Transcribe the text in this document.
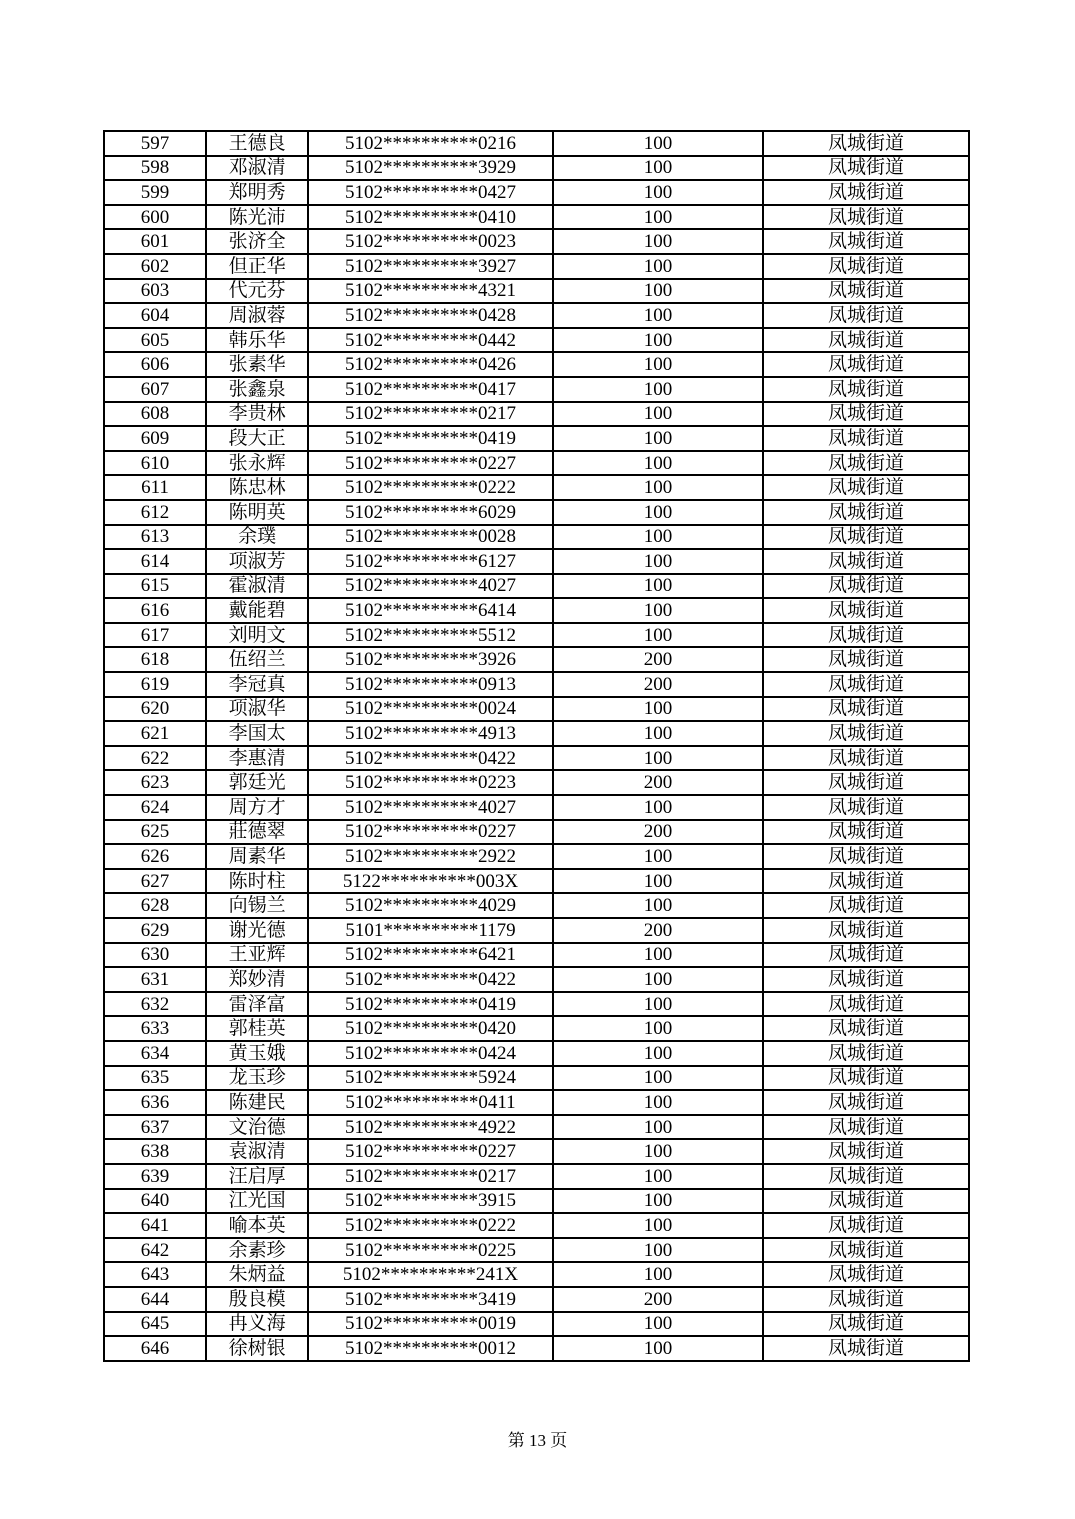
597	王德良	5102**********0216	100	凤城街道
598	邓淑清	5102**********3929	100	凤城街道
599	郑明秀	5102**********0427	100	凤城街道
600	陈光沛	5102**********0410	100	凤城街道
601	张济全	5102**********0023	100	凤城街道
602	但正华	5102**********3927	100	凤城街道
603	代元芬	5102**********4321	100	凤城街道
604	周淑蓉	5102**********0428	100	凤城街道
605	韩乐华	5102**********0442	100	凤城街道
606	张素华	5102**********0426	100	凤城街道
607	张鑫泉	5102**********0417	100	凤城街道
608	李贵林	5102**********0217	100	凤城街道
609	段大正	5102**********0419	100	凤城街道
610	张永辉	5102**********0227	100	凤城街道
611	陈忠林	5102**********0222	100	凤城街道
612	陈明英	5102**********6029	100	凤城街道
613	余璞	5102**********0028	100	凤城街道
614	项淑芳	5102**********6127	100	凤城街道
615	霍淑清	5102**********4027	100	凤城街道
616	戴能碧	5102**********6414	100	凤城街道
617	刘明文	5102**********5512	100	凤城街道
618	伍绍兰	5102**********3926	200	凤城街道
619	李冠真	5102**********0913	200	凤城街道
620	项淑华	5102**********0024	100	凤城街道
621	李国太	5102**********4913	100	凤城街道
622	李惠清	5102**********0422	100	凤城街道
623	郭廷光	5102**********0223	200	凤城街道
624	周方才	5102**********4027	100	凤城街道
625	莊德翠	5102**********0227	200	凤城街道
626	周素华	5102**********2922	100	凤城街道
627	陈时柱	5122**********003X	100	凤城街道
628	向锡兰	5102**********4029	100	凤城街道
629	谢光德	5101**********1179	200	凤城街道
630	王亚辉	5102**********6421	100	凤城街道
631	郑妙清	5102**********0422	100	凤城街道
632	雷泽富	5102**********0419	100	凤城街道
633	郭桂英	5102**********0420	100	凤城街道
634	黄玉娥	5102**********0424	100	凤城街道
635	龙玉珍	5102**********5924	100	凤城街道
636	陈建民	5102**********0411	100	凤城街道
637	文治德	5102**********4922	100	凤城街道
638	袁淑清	5102**********0227	100	凤城街道
639	汪启厚	5102**********0217	100	凤城街道
640	江光国	5102**********3915	100	凤城街道
641	喻本英	5102**********0222	100	凤城街道
642	余素珍	5102**********0225	100	凤城街道
643	朱炳益	5102**********241X	100	凤城街道
644	殷良模	5102**********3419	200	凤城街道
645	冉义海	5102**********0019	100	凤城街道
646	徐树银	5102**********0012	100	凤城街道
第 13 页
